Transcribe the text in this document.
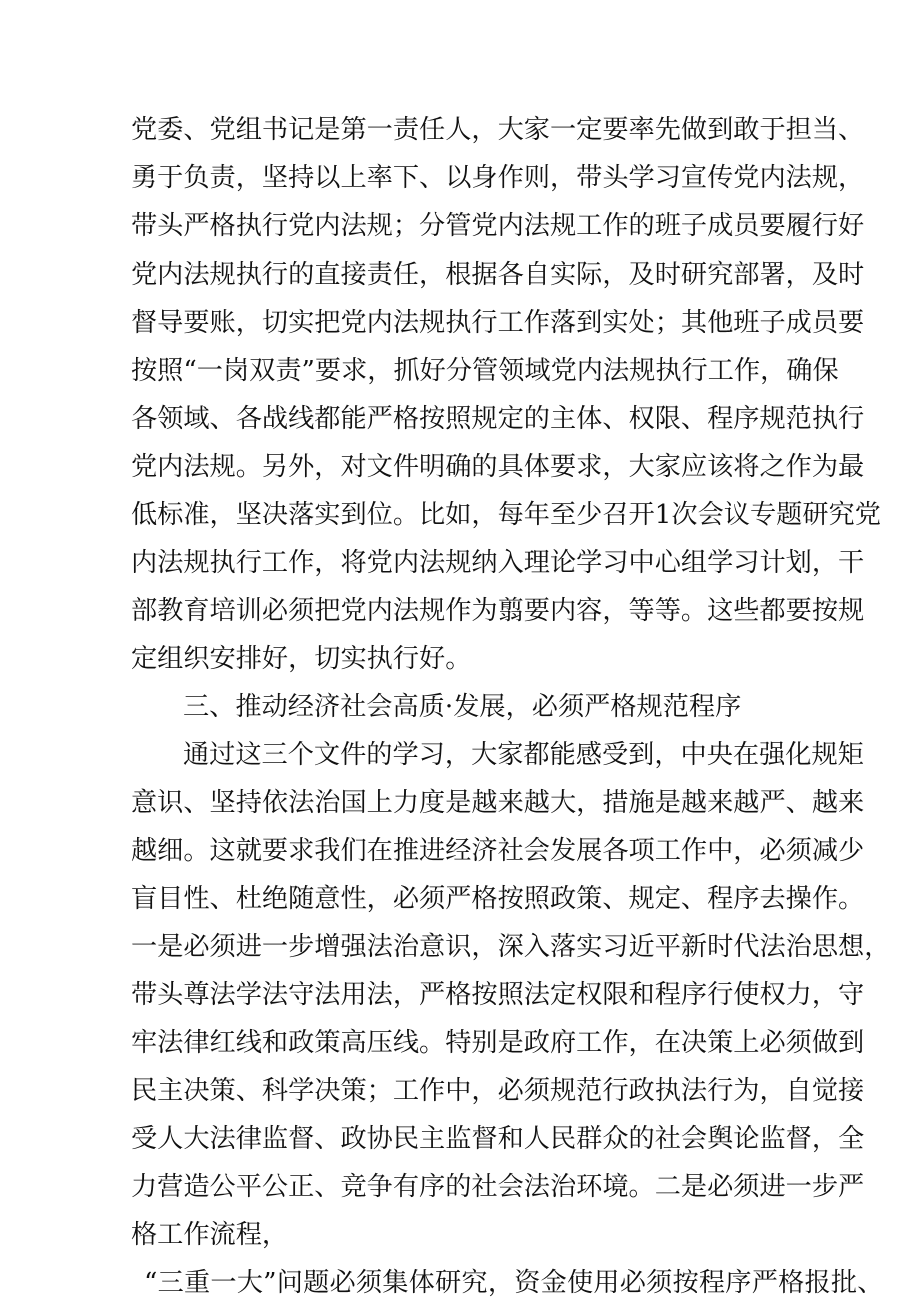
党委、党组书记是第一责任人，大家一定要率先做到敢于担当、
勇于负责，坚持以上率下、以身作则，带头学习宣传党内法规，
带头严格执行党内法规；分管党内法规工作的班子成员要履行好
党内法规执行的直接责任，根据各自实际，及时研究部署，及时
督导要账，切实把党内法规执行工作落到实处；其他班子成员要
按照“一岗双责”要求，抓好分管领域党内法规执行工作，确保
各领域、各战线都能严格按照规定的主体、权限、程序规范执行
党内法规。另外，对文件明确的具体要求，大家应该将之作为最
低标准，坚决落实到位。比如，每年至少召开1次会议专题研究党
内法规执行工作，将党内法规纳入理论学习中心组学习计划，干
部教育培训必须把党内法规作为翦要内容，等等。这些都要按规
定组织安排好，切实执行好。
三、推动经济社会高质·发展，必须严格规范程序
通过这三个文件的学习，大家都能感受到，中央在强化规矩
意识、坚持依法治国上力度是越来越大，措施是越来越严、越来
越细。这就要求我们在推进经济社会发展各项工作中，必须减少
盲目性、杜绝随意性，必须严格按照政策、规定、程序去操作。
一是必须进一步增强法治意识，深入落实习近平新时代法治思想，
带头尊法学法守法用法，严格按照法定权限和程序行使权力，守
牢法律红线和政策高压线。特别是政府工作，在决策上必须做到
民主决策、科学决策；工作中，必须规范行政执法行为，自觉接
受人大法律监督、政协民主监督和人民群众的社会舆论监督，全
力营造公平公正、竞争有序的社会法治环境。二是必须进一步严
格工作流程，
“三重一大”问题必须集体研究，资金使用必须按程序严格报批、
